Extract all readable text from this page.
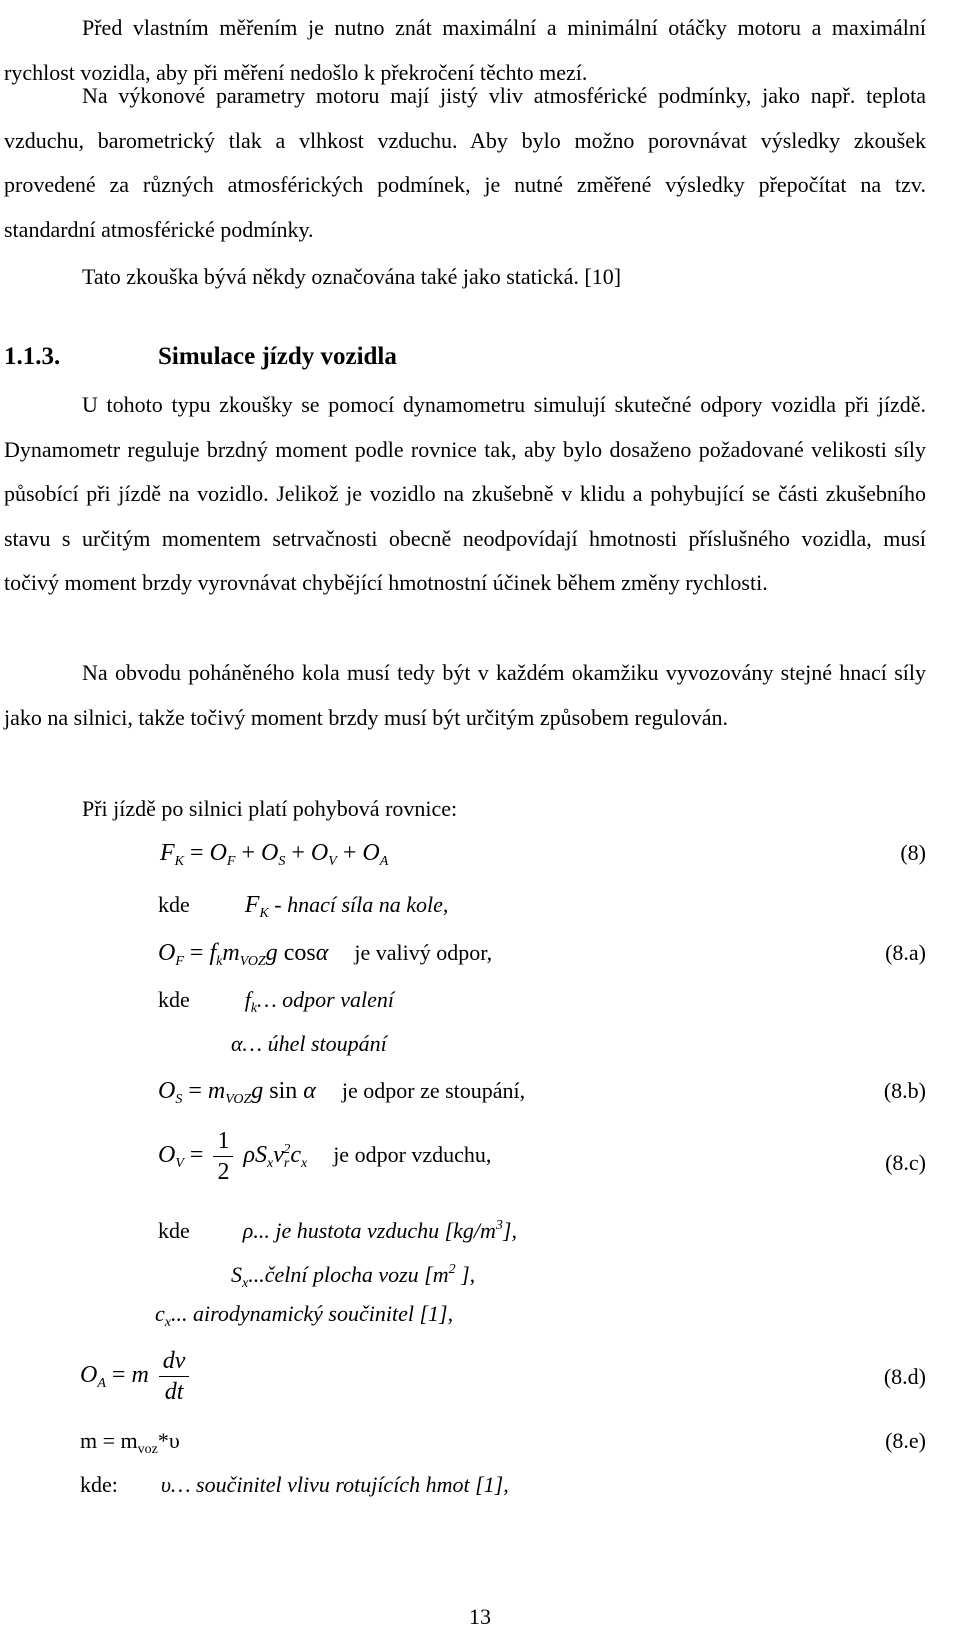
Před vlastním měřením je nutno znát maximální a minimální otáčky motoru a maximální rychlost vozidla, aby při měření nedošlo k překročení těchto mezí.

Na výkonové parametry motoru mají jistý vliv atmosférické podmínky, jako např. teplota vzduchu, barometrický tlak a vlhkost vzduchu. Aby bylo možno porovnávat výsledky zkoušek provedené za různých atmosférických podmínek, je nutné změřené výsledky přepočítat na tzv. standardní atmosférické podmínky.

Tato zkouška bývá někdy označována také jako statická. [10]

1.1.3.	Simulace jízdy vozidla

U tohoto typu zkoušky se pomocí dynamometru simulují skutečné odpory vozidla při jízdě. Dynamometr reguluje brzdný moment podle rovnice tak, aby bylo dosaženo požadované velikosti síly působící při jízdě na vozidlo. Jelikož je vozidlo na zkušebně v klidu a pohybující se části zkušebního stavu s určitým momentem setrvačnosti obecně neodpovídají hmotnosti příslušného vozidla, musí točivý moment brzdy vyrovnávat chybějící hmotnostní účinek během změny rychlosti.

Na obvodu poháněného kola musí tedy být v každém okamžiku vyvozovány stejné hnací síly jako na silnici, takže točivý moment brzdy musí být určitým způsobem regulován.

Při jízdě po silnici platí pohybová rovnice:

$F_K = O_F + O_S + O_V + O_A$	(8)
kde $F_K$ - hnací síla na kole,
$O_F = f_km_{VOZ}g$ cosα je valivý odpor,	(8.a)
kde	$f_k\dots$ odpor valení
α… úhel stoupání
$O_S = m_{VOZ}g$ sin α je odpor ze stoupání,	(8.b)
$O_V = \frac{1}{2} \rho S_xv_r^2c_x$ je odpor vzduchu,	(8.c)
kde ρ... je hustota vzduchu $[kg/m^3]$,
$S_x...čelní$ plocha vozu [$m^2$ ],
$c_x$... airodynamický součinitel [1],
$O_A = m \frac{dv}{dt}$	(8.d)
$m = m_{voz}*\upsilon$	(8.e)
kde: υ… součinitel vlivu rotujících hmot [1],
13
